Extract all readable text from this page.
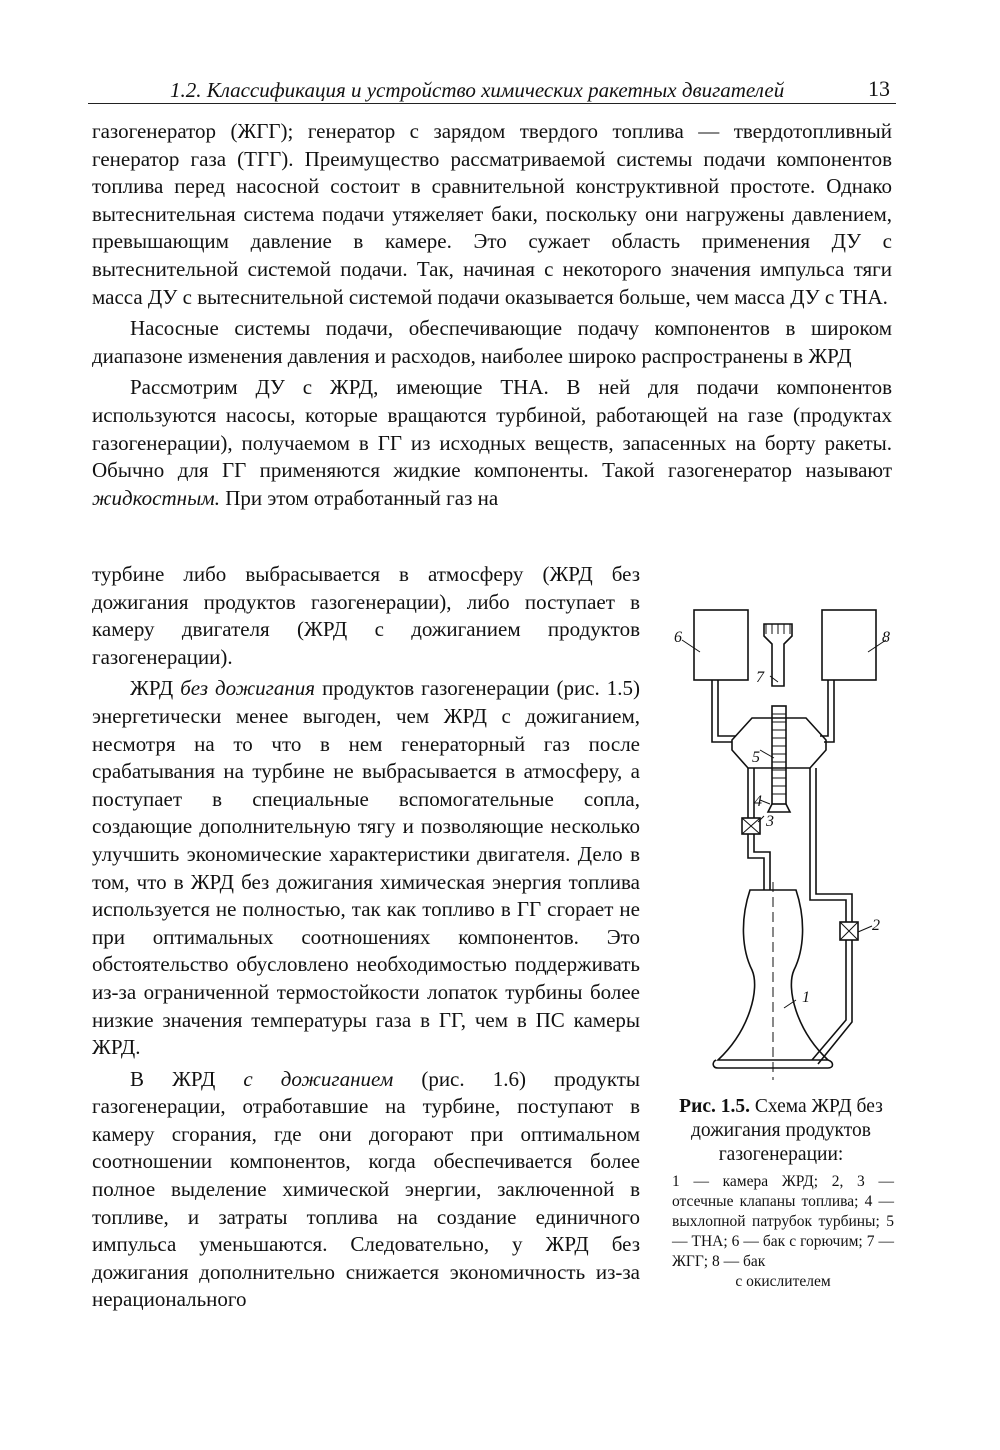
1.2. Классификация и устройство химических ракетных двигателей	13

газогенератор (ЖГГ); генератор с зарядом твердого топлива — твердотопливный генератор газа (ТГГ). Преимущество рассматриваемой системы подачи компонентов топлива перед насосной состоит в сравнительной конструктивной простоте. Однако вытеснительная система подачи утяжеляет баки, поскольку они нагружены давлением, превышающим давление в камере. Это сужает область применения ДУ с вытеснительной системой подачи. Так, начиная с некоторого значения импульса тяги масса ДУ с вытеснительной системой подачи оказывается больше, чем масса ДУ с ТНА.

Насосные системы подачи, обеспечивающие подачу компонентов в широком диапазоне изменения давления и расходов, наиболее широко распространены в ЖРД

Рассмотрим ДУ с ЖРД, имеющие ТНА. В ней для подачи компонентов используются насосы, которые вращаются турбиной, работающей на газе (продуктах газогенерации), получаемом в ГГ из исходных веществ, запасенных на борту ракеты. Обычно для ГГ применяются жидкие компоненты. Такой газогенератор называют жидкостным. При этом отработанный газ на

турбине либо выбрасывается в атмосферу (ЖРД без дожигания продуктов газогенерации), либо поступает в камеру двигателя (ЖРД с дожиганием продуктов газогенерации).

ЖРД без дожигания продуктов газогенерации (рис. 1.5) энергетически менее выгоден, чем ЖРД с дожиганием, несмотря на то что в нем генераторный газ после срабатывания на турбине не выбрасывается в атмосферу, а поступает в специальные вспомогательные сопла, создающие дополнительную тягу и позволяющие несколько улучшить экономические характеристики двигателя. Дело в том, что в ЖРД без дожигания химическая энергия топлива используется не полностью, так как топливо в ГГ сгорает не при оптимальных соотношениях компонентов. Это обстоятельство обусловлено необходимостью поддерживать из-за ограниченной термостойкости лопаток турбины более низкие значения температуры газа в ГГ, чем в ПС камеры ЖРД.

В ЖРД с дожиганием (рис. 1.6) продукты газогенерации, отработавшие на турбине, поступают в камеру сгорания, где они догорают при оптимальном соотношении компонентов, когда обеспечивается более полное выделение химической энергии, заключенной в топливе, и затраты топлива на создание единичного импульса уменьшаются. Следовательно, у ЖРД без дожигания дополнительно снижается экономичность из-за нерационального

6	8
7
5
4
3
2
1
Рис. 1.5. Схема ЖРД без дожигания продуктов газогенерации:
1 — камера ЖРД; 2, 3 — отсечные клапаны топлива; 4 — выхлопной патрубок турбины; 5 — ТНА; 6 — бак с горючим; 7 — ЖГГ; 8 — бак
с окислителем
